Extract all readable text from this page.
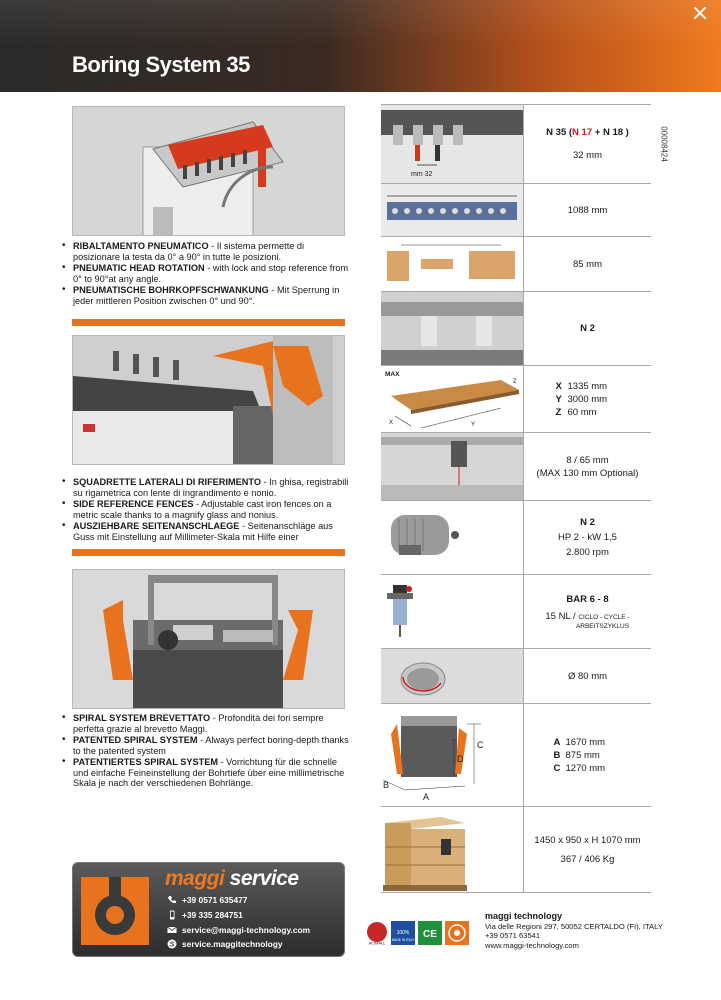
Boring System 35
00008424
• RIBALTAMENTO PNEUMATICO - Il sistema permette di posizionare la testa da 0° a 90° in tutte le posizioni.
• PNEUMATIC HEAD ROTATION - with lock and stop reference from 0° to 90°at any angle.
• PNEUMATISCHE BOHRKOPFSCHWANKUNG - Mit Sperrung in jeder mittleren Position zwischen 0° und 90°.
• SQUADRETTE LATERALI DI RIFERIMENTO - In ghisa, registrabili su rigametrica con lente di ingrandimento e nonio.
• SIDE REFERENCE FENCES - Adjustable cast iron fences on a metric scale thanks to a magnify glass and nonius.
• AUSZIEHBARE SEITENANSCHLAEGE - Seitenanschläge aus Guss mit Einstellung auf Millimeter-Skala mit Hilfe einer
• SPIRAL SYSTEM BREVETTATO - Profondità dei fori sempre perfetta grazie al brevetto Maggi.
• PATENTED SPIRAL SYSTEM - Always perfect boring-depth thanks to the patented system
• PATENTIERTES SPIRAL SYSTEM - Vorrichtung für die schnelle und einfache Feineinstellung der Bohrtiefe über eine millimetrische Skala je nach der verschiedenen Bohrlänge.
mm 32
N 35 (N 17 + N 18 )
32 mm
1088 mm
85 mm
N 2
MAX
X	Y
Z	X 1335 mm
Y 3000 mm
Z 60 mm
8 / 65 mm
(MAX 130 mm Optional)
N 2
HP 2 - kW 1,5
2.800 rpm
BAR 6 - 8
15 NL / CICLO - CYCLE -
ARBEITSZYKLUS
Ø 80 mm
C
D
B
A
A 1670 mm
B 875 mm
C 1270 mm
1450 x 950 x H 1070 mm
367 / 406 Kg
maggi service
+39 0571 635477
+39 335 284751
service@maggi-technology.com
S service.maggitechnology	ACIMALL
100%
MADE IN ITALY CE
maggi technology
Via delle Regioni 297, 50052 CERTALDO (FI), ITALY
+39 0571 63541
www.maggi-technology.com
